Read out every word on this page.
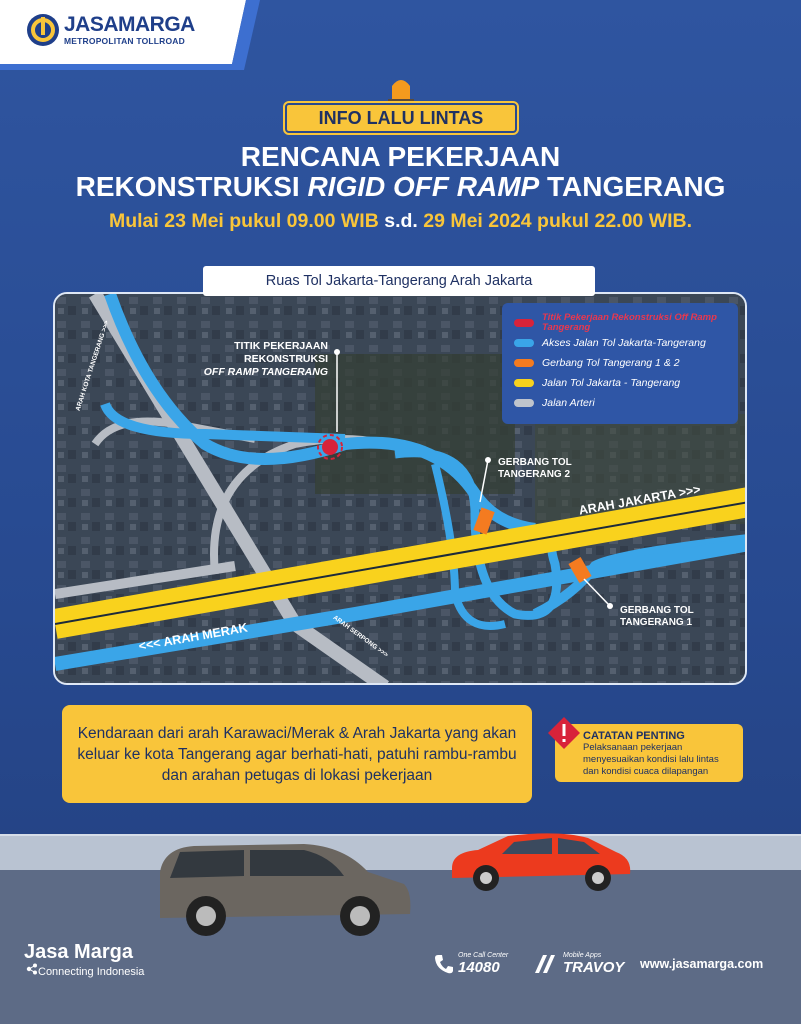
JASAMARGA
METROPOLITAN TOLLROAD
INFO LALU LINTAS
RENCANA PEKERJAAN
REKONSTRUKSI RIGID OFF RAMP TANGERANG
Mulai 23 Mei pukul 09.00 WIB s.d. 29 Mei 2024 pukul 22.00 WIB.
Ruas Tol Jakarta-Tangerang Arah Jakarta
Titik Pekerjaan Rekonstruksi Off Ramp Tangerang
Akses Jalan Tol Jakarta-Tangerang
Gerbang Tol Tangerang 1 & 2
Jalan Tol Jakarta - Tangerang
Jalan Arteri
TITIK PEKERJAAN
REKONSTRUKSI
OFF RAMP TANGERANG
GERBANG TOL
TANGERANG 2
GERBANG TOL
TANGERANG 1
ARAH JAKARTA >>>
<<< ARAH MERAK
ARAH KOTA TANGERANG >>>
ARAH SERPONG >>>
Kendaraan dari arah Karawaci/Merak & Arah Jakarta yang akan keluar ke kota Tangerang agar berhati-hati, patuhi rambu-rambu dan arahan petugas di lokasi pekerjaan
CATATAN PENTING
Pelaksanaan pekerjaan menyesuaikan kondisi lalu lintas dan kondisi cuaca dilapangan
Jasa Marga
Connecting Indonesia
One Call Center
14080
Mobile Apps
TRAVOY www.jasamarga.com
